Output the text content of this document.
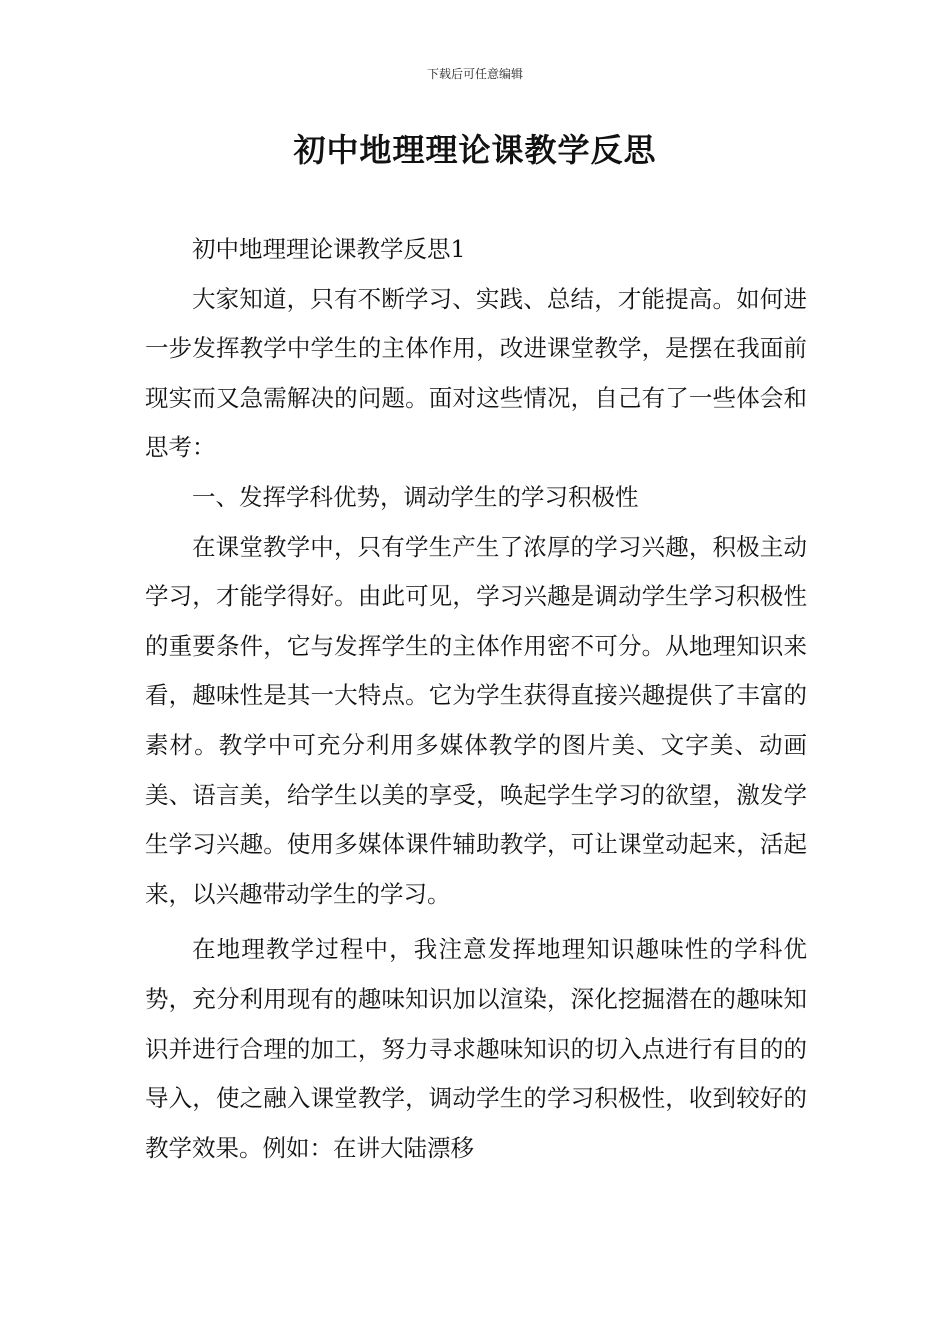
下载后可任意编辑
初中地理理论课教学反思

初中地理理论课教学反思1

大家知道，只有不断学习、实践、总结，才能提高。如何进一步发挥教学中学生的主体作用，改进课堂教学，是摆在我面前现实而又急需解决的问题。面对这些情况，自己有了一些体会和思考：

一、发挥学科优势，调动学生的学习积极性

在课堂教学中，只有学生产生了浓厚的学习兴趣，积极主动学习，才能学得好。由此可见，学习兴趣是调动学生学习积极性的重要条件，它与发挥学生的主体作用密不可分。从地理知识来看，趣味性是其一大特点。它为学生获得直接兴趣提供了丰富的素材。教学中可充分利用多媒体教学的图片美、文字美、动画美、语言美，给学生以美的享受，唤起学生学习的欲望，激发学生学习兴趣。使用多媒体课件辅助教学，可让课堂动起来，活起来，以兴趣带动学生的学习。

在地理教学过程中，我注意发挥地理知识趣味性的学科优势，充分利用现有的趣味知识加以渲染，深化挖掘潜在的趣味知识并进行合理的加工，努力寻求趣味知识的切入点进行有目的的导入，使之融入课堂教学，调动学生的学习积极性，收到较好的教学效果。例如：在讲大陆漂移
